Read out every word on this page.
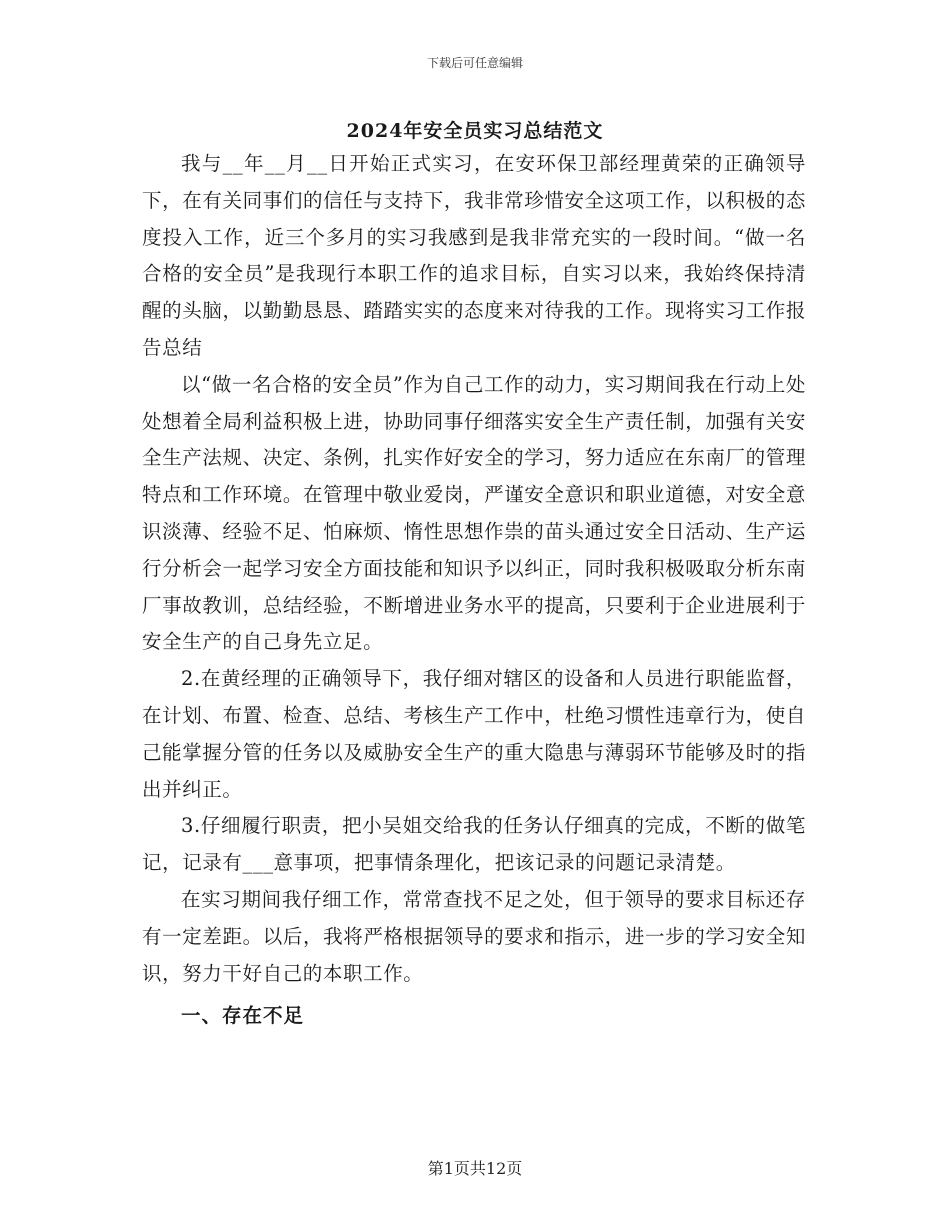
下载后可任意编辑
2024年安全员实习总结范文

我与__年__月__日开始正式实习，在安环保卫部经理黄荣的正确领导下，在有关同事们的信任与支持下，我非常珍惜安全这项工作，以积极的态度投入工作，近三个多月的实习我感到是我非常充实的一段时间。“做一名合格的安全员”是我现行本职工作的追求目标，自实习以来，我始终保持清醒的头脑，以勤勤恳恳、踏踏实实的态度来对待我的工作。现将实习工作报告总结

以“做一名合格的安全员”作为自己工作的动力，实习期间我在行动上处处想着全局利益积极上进，协助同事仔细落实安全生产责任制，加强有关安全生产法规、决定、条例，扎实作好安全的学习，努力适应在东南厂的管理特点和工作环境。在管理中敬业爱岗，严谨安全意识和职业道德，对安全意识淡薄、经验不足、怕麻烦、惰性思想作祟的苗头通过安全日活动、生产运行分析会一起学习安全方面技能和知识予以纠正，同时我积极吸取分析东南厂事故教训，总结经验，不断增进业务水平的提高，只要利于企业进展利于安全生产的自己身先立足。

2.在黄经理的正确领导下，我仔细对辖区的设备和人员进行职能监督，在计划、布置、检查、总结、考核生产工作中，杜绝习惯性违章行为，使自己能掌握分管的任务以及威胁安全生产的重大隐患与薄弱环节能够及时的指出并纠正。

3.仔细履行职责，把小吴姐交给我的任务认仔细真的完成，不断的做笔记，记录有___意事项，把事情条理化，把该记录的问题记录清楚。

在实习期间我仔细工作，常常查找不足之处，但于领导的要求目标还存有一定差距。以后，我将严格根据领导的要求和指示，进一步的学习安全知识，努力干好自己的本职工作。

一、存在不足

第1页共12页
